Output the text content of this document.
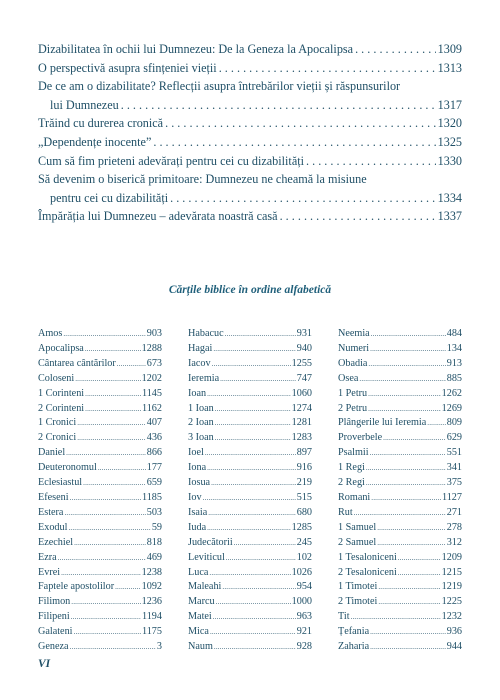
Dizabilitatea în ochii lui Dumnezeu: De la Geneza la Apocalipsa . . .	1309
O perspectivă asupra sfințeniei vieții . . .	1313
De ce am o dizabilitate? Reflecții asupra întrebărilor vieții și răspunsurilor
lui Dumnezeu . . .	1317
Trăind cu durerea cronică . . .	1320
„Dependențe inocente” . . .	1325
Cum să fim prieteni adevărați pentru cei cu dizabilități . . .	1330
Să devenim o biserică primitoare: Dumnezeu ne cheamă la misiune
pentru cei cu dizabilități . . .	1334
Împărăția lui Dumnezeu – adevărata noastră casă . . .	1337
Cărțile biblice în ordine alfabetică
Amos .....	903
Apocalipsa .....	1288
Cântarea cântărilor .....	673
Coloseni .....	1202
1 Corinteni .....	1145
2 Corinteni .....	1162
1 Cronici .....	407
2 Cronici .....	436
Daniel .....	866
Deuteronomul .....	177
Eclesiastul .....	659
Efeseni .....	1185
Estera .....	503
Exodul .....	59
Ezechiel .....	818
Ezra .....	469
Evrei .....	1238
Faptele apostolilor .....	1092
Filimon .....	1236
Filipeni .....	1194
Galateni .....	1175
Geneza .....	3
Habacuc .....	931
Hagai .....	940
Iacov .....	1255
Ieremia .....	747
Ioan .....	1060
1 Ioan .....	1274
2 Ioan .....	1281
3 Ioan .....	1283
Ioel .....	897
Iona .....	916
Iosua .....	219
Iov .....	515
Isaia .....	680
Iuda .....	1285
Judecătorii .....	245
Leviticul .....	102
Luca .....	1026
Maleahi .....	954
Marcu .....	1000
Matei .....	963
Mica .....	921
Naum .....	928
Neemia .....	484
Numeri .....	134
Obadia .....	913
Osea .....	885
1 Petru .....	1262
2 Petru .....	1269
Plângerile lui Ieremia ..... 809
Proverbele .....	629
Psalmii .....	551
1 Regi .....	341
2 Regi .....	375
Romani .....	1127
Rut .....	271
1 Samuel .....	278
2 Samuel .....	312
1 Tesaloniceni .....	1209
2 Tesaloniceni .....	1215
1 Timotei .....	1219
2 Timotei .....	1225
Tit .....	1232
Țefania .....	936
Zaharia .....	944
VI
